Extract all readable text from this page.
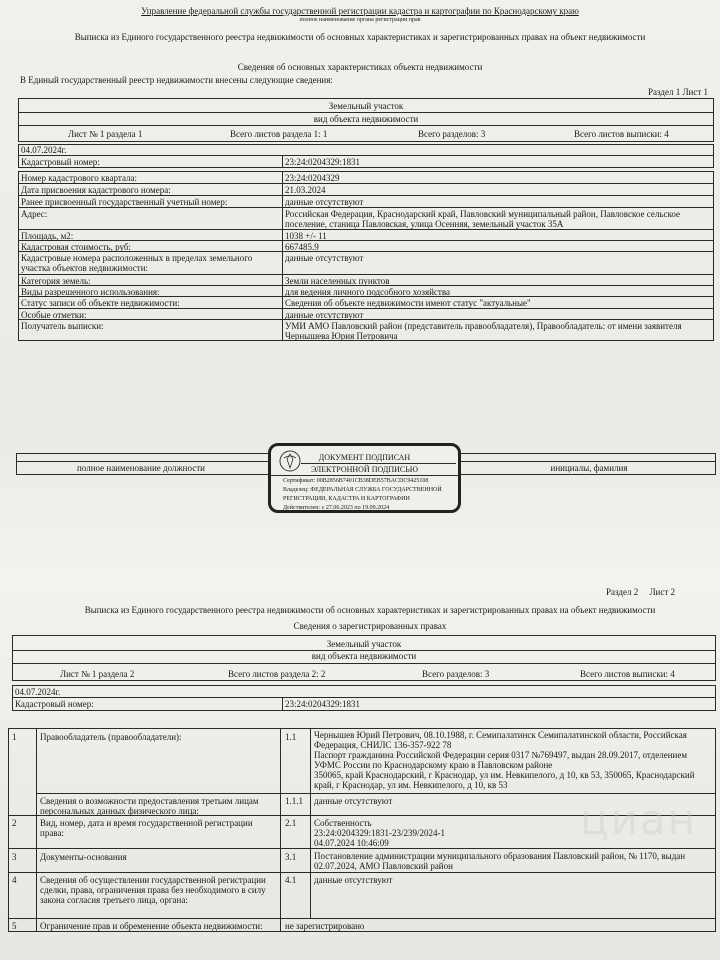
Управление федеральной службы государственной регистрации кадастра и картографии по Краснодарскому краю
полное наименование органа регистрации прав
Выписка из Единого государственного реестра недвижимости об основных характеристиках и зарегистрированных правах на объект недвижимости
Сведения об основных характеристиках объекта недвижимости
В Единый государственный реестр недвижимости внесены следующие сведения:
Раздел 1 Лист 1
Земельный участок
вид объекта недвижимости
Лист № 1 раздела 1	Всего листов раздела 1: 1	Всего разделов: 3	Всего листов выписки: 4
04.07.2024г.
Кадастровый номер:	23:24:0204329:1831
Номер кадастрового квартала:	23:24:0204329
Дата присвоения кадастрового номера:	21.03.2024
Ранее присвоенный государственный учетный номер:	данные отсутствуют
Адрес:	Российская Федерация, Краснодарский край, Павловский муниципальный район, Павловское сельское поселение, станица Павловская, улица Осенняя, земельный участок 35А
Площадь, м2:	1038 +/- 11
Кадастровая стоимость, руб:	667485.9
Кадастровые номера расположенных в пределах земельного участка объектов недвижимости:
данные отсутствуют
Категория земель:	Земли населенных пунктов
Виды разрешенного использования:	для ведения личного подсобного хозяйства
Статус записи об объекте недвижимости:	Сведения об объекте недвижимости имеют статус "актуальные"
Особые отметки:	данные отсутствуют
Получатель выписки:	УМИ АМО Павловский район (представитель правообладателя), Правообладатель: от имени заявителя Чернышева Юрия Петровича
полное наименование должности	инициалы, фамилия
ДОКУМЕНТ ПОДПИСАН
ЭЛЕКТРОННОЙ ПОДПИСЬЮ
Сертификат: 00B2856B7401CB38DEB57BACDC9425108
Владелец: ФЕДЕРАЛЬНАЯ СЛУЖБА ГОСУДАРСТВЕННОЙ
РЕГИСТРАЦИИ, КАДАСТРА И КАРТОГРАФИИ
Действителен: с 27.06.2023 по 19.09.2024
Раздел 2     Лист 2
Выписка из Единого государственного реестра недвижимости об основных характеристиках и зарегистрированных правах на объект недвижимости
Сведения о зарегистрированных правах
Земельный участок
вид объекта недвижимости
Лист № 1 раздела 2	Всего листов раздела 2: 2	Всего разделов: 3	Всего листов выписки: 4
04.07.2024г.
Кадастровый номер:	23:24:0204329:1831
1	Правообладатель (правообладатели):	1.1 Чернышев Юрий Петрович, 08.10.1988, г. Семипалатинск Семипалатинской области, Российская Федерация, СНИЛС 136-357-922 78
Паспорт гражданина Российской Федерации серия 0317 №769497, выдан 28.09.2017, отделением УФМС России по Краснодарскому краю в Павловском районе
350065, край Краснодарский, г Краснодар, ул им. Невкипелого, д 10, кв 53, 350065, Краснодарский край, г Краснодар, ул им. Невкипелого, д 10, кв 53
Сведения о возможности предоставления третьим лицам персональных данных физического лица:
1.1.1 данные отсутствуют
2	Вид, номер, дата и время государственной регистрации права:
2.1 Собственность
23:24:0204329:1831-23/239/2024-1
04.07.2024 10:46:09
3	Документы-основания	3.1 Постановление администрации муниципального образования Павловский район, № 1170, выдан 02.07.2024, АМО Павловский район
4	Сведения об осуществлении государственной регистрации сделки, права, ограничения права без необходимого в силу закона согласия третьего лица, органа:
4.1 данные отсутствуют
5	Ограничение прав и обременение объекта недвижимости: не зарегистрировано
циан
